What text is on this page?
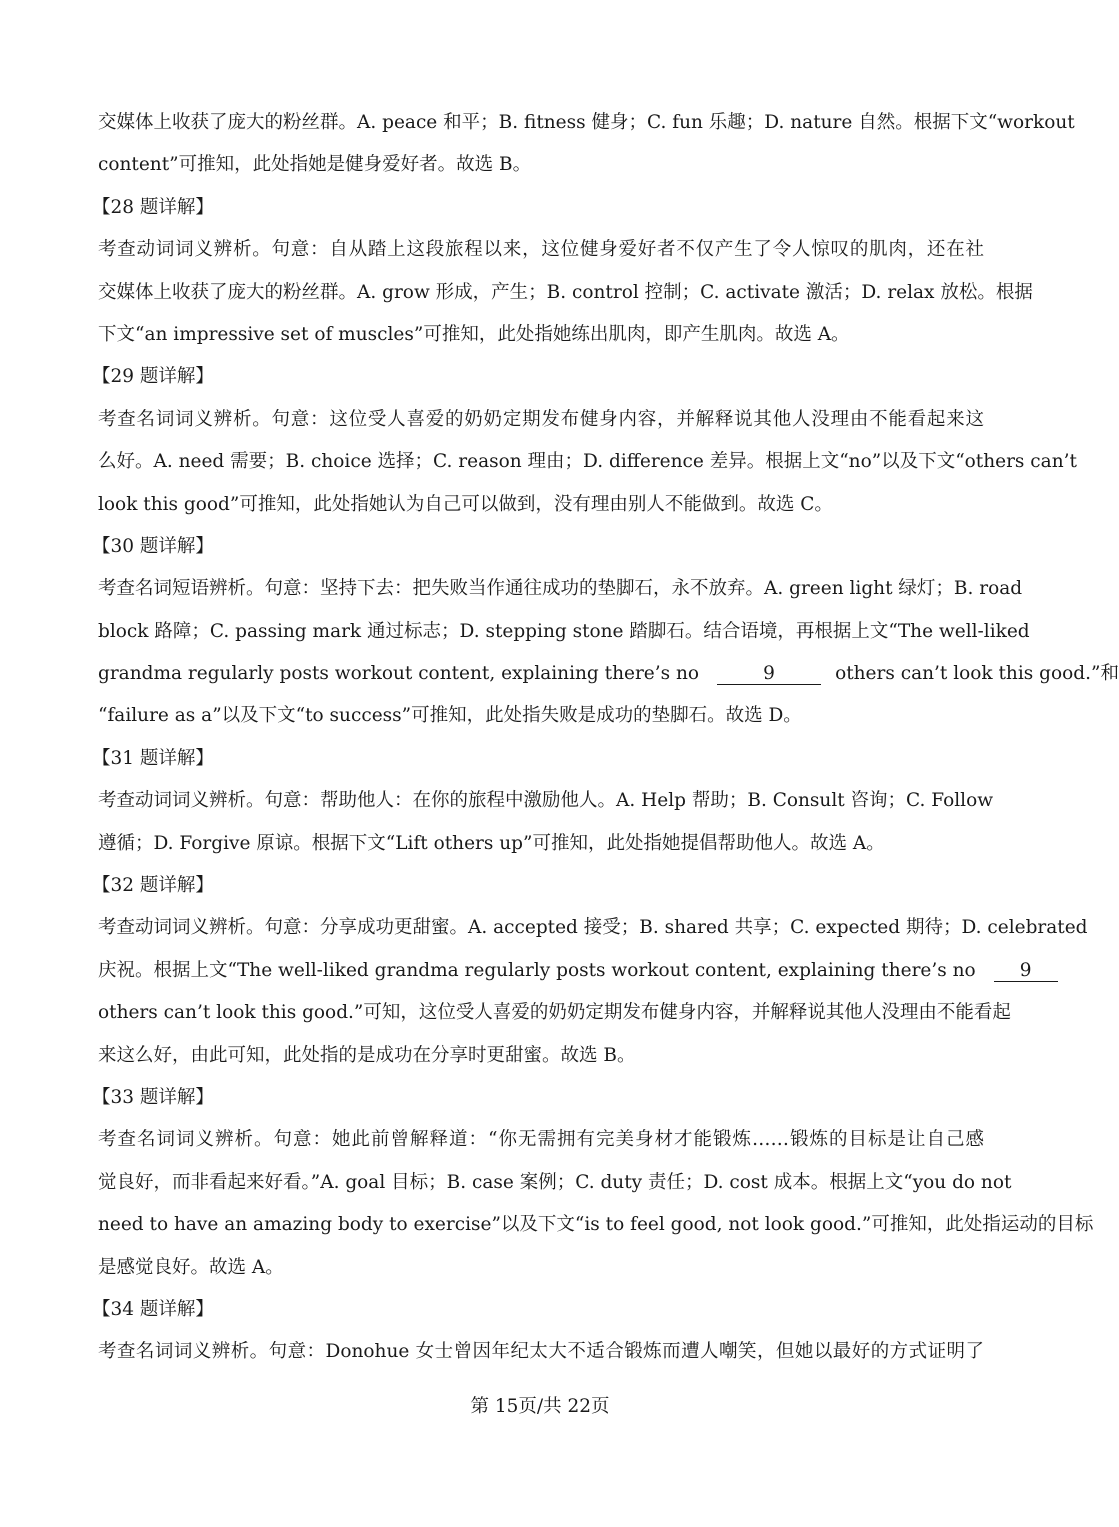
交媒体上收获了庞大的粉丝群。A. peace 和平；B. fitness 健身；C. fun 乐趣；D. nature 自然。根据下文“workout
content”可推知，此处指她是健身爱好者。故选 B。
【28 题详解】
考查动词词义辨析。句意：自从踏上这段旅程以来，这位健身爱好者不仅产生了令人惊叹的肌肉，还在社
交媒体上收获了庞大的粉丝群。A. grow 形成，产生；B. control 控制；C. activate 激活；D. relax 放松。根据
下文“an impressive set of muscles”可推知，此处指她练出肌肉，即产生肌肉。故选 A。
【29 题详解】
考查名词词义辨析。句意：这位受人喜爱的奶奶定期发布健身内容，并解释说其他人没理由不能看起来这
么好。A. need 需要；B. choice 选择；C. reason 理由；D. difference 差异。根据上文“no”以及下文“others can’t
look this good”可推知，此处指她认为自己可以做到，没有理由别人不能做到。故选 C。
【30 题详解】
考查名词短语辨析。句意：坚持下去：把失败当作通往成功的垫脚石，永不放弃。A. green light 绿灯；B. road
block 路障；C. passing mark 通过标志；D. stepping stone 踏脚石。结合语境，再根据上文“The well-liked
grandma regularly posts workout content, explaining there’s no	9	others can’t look this good.”和
“failure as a”以及下文“to success”可推知，此处指失败是成功的垫脚石。故选 D。
【31 题详解】
考查动词词义辨析。句意：帮助他人：在你的旅程中激励他人。A. Help 帮助；B. Consult 咨询；C. Follow
遵循；D. Forgive 原谅。根据下文“Lift others up”可推知，此处指她提倡帮助他人。故选 A。
【32 题详解】
考查动词词义辨析。句意：分享成功更甜蜜。A. accepted 接受；B. shared 共享；C. expected 期待；D. celebrated
庆祝。根据上文“The well-liked grandma regularly posts workout content, explaining there’s no 9
others can’t look this good.”可知，这位受人喜爱的奶奶定期发布健身内容，并解释说其他人没理由不能看起
来这么好，由此可知，此处指的是成功在分享时更甜蜜。故选 B。
【33 题详解】
考查名词词义辨析。句意：她此前曾解释道：“你无需拥有完美身材才能锻炼……锻炼的目标是让自己感
觉良好，而非看起来好看。”A. goal 目标；B. case 案例；C. duty 责任；D. cost 成本。根据上文“you do not
need to have an amazing body to exercise”以及下文“is to feel good, not look good.”可推知，此处指运动的目标
是感觉良好。故选 A。
【34 题详解】
考查名词词义辨析。句意：Donohue 女士曾因年纪太大不适合锻炼而遭人嘲笑，但她以最好的方式证明了
第 15页/共 22页
